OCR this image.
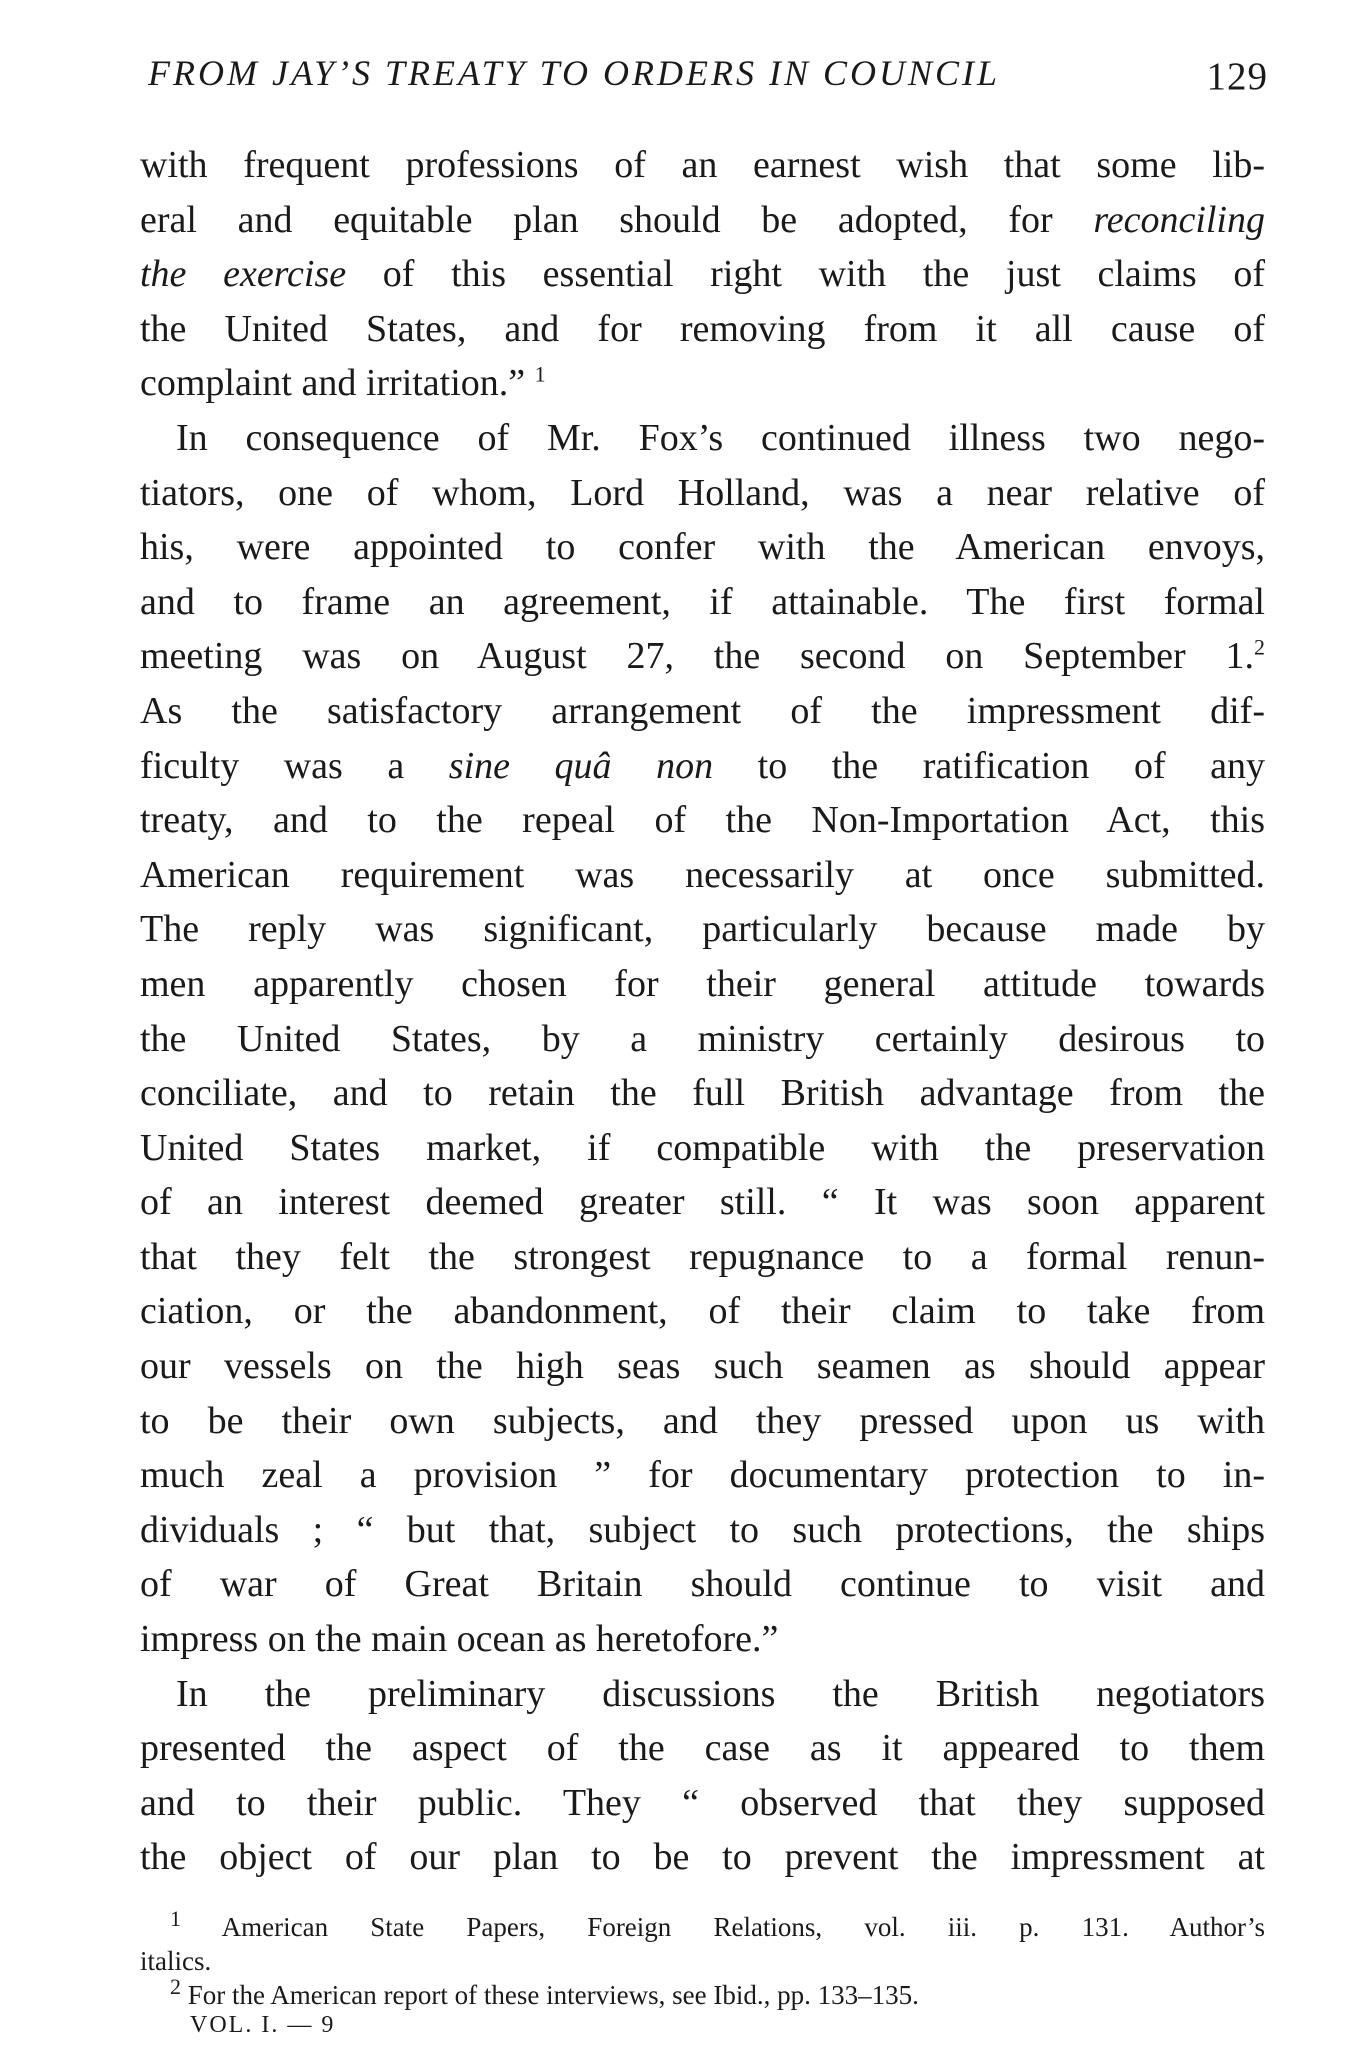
FROM JAY’S TREATY TO ORDERS IN COUNCIL	129
with frequent professions of an earnest wish that some lib-
eral and equitable plan should be adopted, for reconciling
the exercise of this essential right with the just claims of
the United States, and for removing from it all cause of
complaint and irritation.” $^1$
In consequence of Mr. Fox’s continued illness two nego-
tiators, one of whom, Lord Holland, was a near relative of
his, were appointed to confer with the American envoys,
and to frame an agreement, if attainable. The first formal
meeting was on August 27, the second on September 1.$^2$
As the satisfactory arrangement of the impressment dif-
ficulty was a sine quâ non to the ratification of any
treaty, and to the repeal of the Non-Importation Act, this
American requirement was necessarily at once submitted.
The reply was significant, particularly because made by
men apparently chosen for their general attitude towards
the United States, by a ministry certainly desirous to
conciliate, and to retain the full British advantage from the
United States market, if compatible with the preservation
of an interest deemed greater still. “ It was soon apparent
that they felt the strongest repugnance to a formal renun-
ciation, or the abandonment, of their claim to take from
our vessels on the high seas such seamen as should appear
to be their own subjects, and they pressed upon us with
much zeal a provision ” for documentary protection to in-
dividuals ; “ but that, subject to such protections, the ships
of war of Great Britain should continue to visit and
impress on the main ocean as heretofore.”
In the preliminary discussions the British negotiators
presented the aspect of the case as it appeared to them
and to their public. They “ observed that they supposed
the object of our plan to be to prevent the impressment at
$^1$ American State Papers, Foreign Relations, vol. iii. p. 131. Author’s
italics.
$^2$ For the American report of these interviews, see Ibid., pp. 133–135.
VOL. I. — 9
